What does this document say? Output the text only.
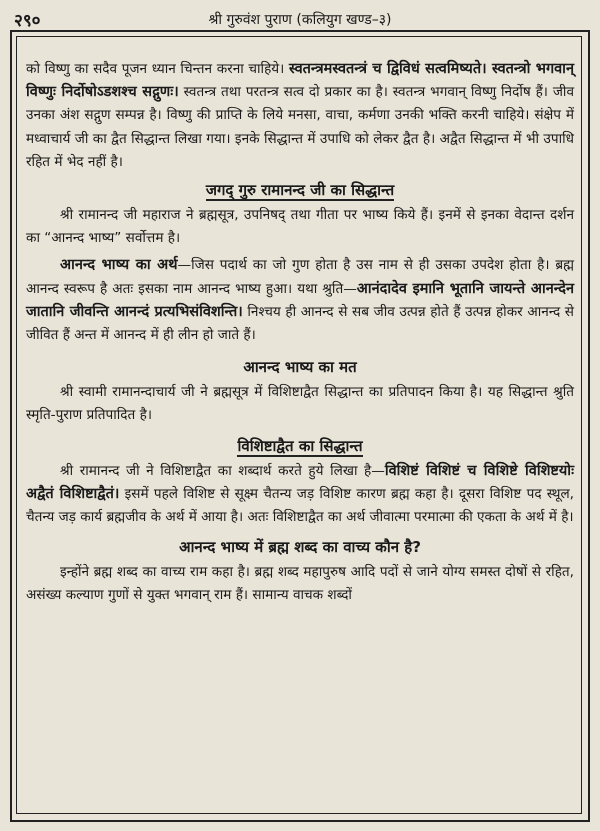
२९०	श्री गुरुवंश पुराण (कलियुग खण्ड–३)

को विष्णु का सदैव पूजन ध्यान चिन्तन करना चाहिये। स्वतन्त्रमस्वतन्त्रं च द्विविधं सत्वमिष्यते। स्वतन्त्रो भगवान् विष्णुः निर्दोषोऽडशश्च सद्गुणः। स्वतन्त्र तथा परतन्त्र सत्व दो प्रकार का है। स्वतन्त्र भगवान् विष्णु निर्दोष हैं। जीव उनका अंश सद्गुण सम्पन्न है। विष्णु की प्राप्ति के लिये मनसा, वाचा, कर्मणा उनकी भक्ति करनी चाहिये। संक्षेप में मध्वाचार्य जी का द्वैत सिद्धान्त लिखा गया। इनके सिद्धान्त में उपाधि को लेकर द्वैत है। अद्वैत सिद्धान्त में भी उपाधि रहित में भेद नहीं है।

जगद् गुरु रामानन्द जी का सिद्धान्त

श्री रामानन्द जी महाराज ने ब्रह्मसूत्र, उपनिषद् तथा गीता पर भाष्य किये हैं। इनमें से इनका वेदान्त दर्शन का “आनन्द भाष्य” सर्वोत्तम है।

आनन्द भाष्य का अर्थ—जिस पदार्थ का जो गुण होता है उस नाम से ही उसका उपदेश होता है। ब्रह्म आनन्द स्वरूप है अतः इसका नाम आनन्द भाष्य हुआ। यथा श्रुति—आनंदादेव इमानि भूतानि जायन्ते आनन्देन जातानि जीवन्ति आनन्दं प्रत्यभिसंविशन्ति। निश्चय ही आनन्द से सब जीव उत्पन्न होते हैं उत्पन्न होकर आनन्द से जीवित हैं अन्त में आनन्द में ही लीन हो जाते हैं।

आनन्द भाष्य का मत

श्री स्वामी रामानन्दाचार्य जी ने ब्रह्मसूत्र में विशिष्टाद्वैत सिद्धान्त का प्रतिपादन किया है। यह सिद्धान्त श्रुति स्मृति-पुराण प्रतिपादित है।

विशिष्टाद्वैत का सिद्धान्त

श्री रामानन्द जी ने विशिष्टाद्वैत का शब्दार्थ करते हुये लिखा है—विशिष्टं विशिष्टं च विशिष्टे विशिष्टयोः अद्वैतं विशिष्टाद्वैतं। इसमें पहले विशिष्ट से सूक्ष्म चैतन्य जड़ विशिष्ट कारण ब्रह्म कहा है। दूसरा विशिष्ट पद स्थूल, चैतन्य जड़ कार्य ब्रह्मजीव के अर्थ में आया है। अतः विशिष्टाद्वैत का अर्थ जीवात्मा परमात्मा की एकता के अर्थ में है।

आनन्द भाष्य में ब्रह्म शब्द का वाच्य कौन है?

इन्होंने ब्रह्म शब्द का वाच्य राम कहा है। ब्रह्म शब्द महापुरुष आदि पदों से जाने योग्य समस्त दोषों से रहित, असंख्य कल्याण गुणों से युक्त भगवान् राम हैं। सामान्य वाचक शब्दों
